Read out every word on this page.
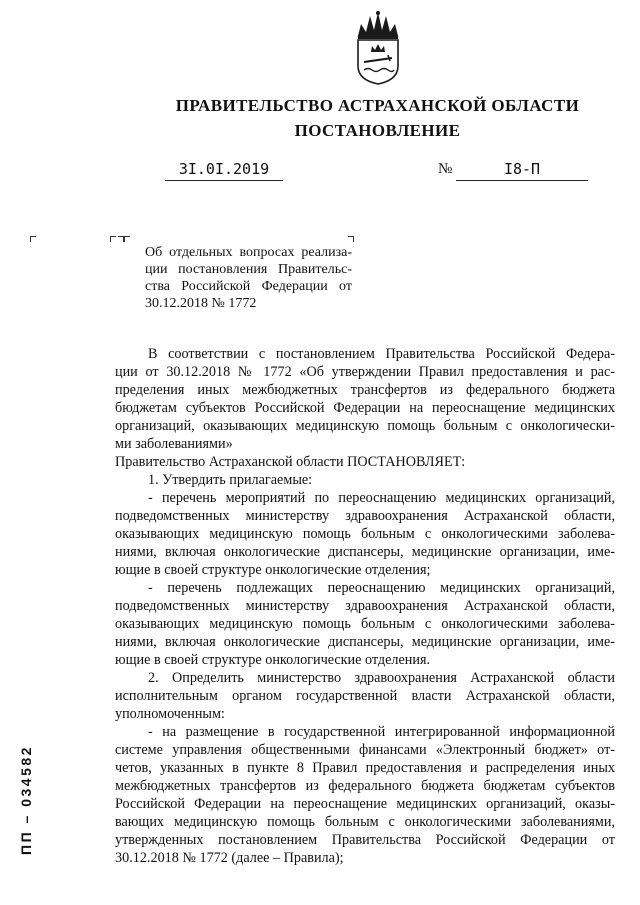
ПРАВИТЕЛЬСТВО АСТРАХАНСКОЙ ОБЛАСТИ
ПОСТАНОВЛЕНИЕ
3I.0I.2019	№	I8-П
Об отдельных вопросах реализа-
ции постановления Правительс-
ства Российской Федерации от
30.12.2018 № 1772
В соответствии с постановлением Правительства Российской Федера-
ции от 30.12.2018 № 1772 «Об утверждении Правил предоставления и рас-
пределения иных межбюджетных трансфертов из федерального бюджета
бюджетам субъектов Российской Федерации на переоснащение медицинских
организаций, оказывающих медицинскую помощь больным с онкологически-
ми заболеваниями»
Правительство Астраханской области ПОСТАНОВЛЯЕТ:
1. Утвердить прилагаемые:
- перечень мероприятий по переоснащению медицинских организаций,
подведомственных министерству здравоохранения Астраханской области,
оказывающих медицинскую помощь больным с онкологическими заболева-
ниями, включая онкологические диспансеры, медицинские организации, име-
ющие в своей структуре онкологические отделения;
- перечень подлежащих переоснащению медицинских организаций,
подведомственных министерству здравоохранения Астраханской области,
оказывающих медицинскую помощь больным с онкологическими заболева-
ниями, включая онкологические диспансеры, медицинские организации, име-
ющие в своей структуре онкологические отделения.
2. Определить министерство здравоохранения Астраханской области
исполнительным органом государственной власти Астраханской области,
уполномоченным:
- на размещение в государственной интегрированной информационной
системе управления общественными финансами «Электронный бюджет» от-
четов, указанных в пункте 8 Правил предоставления и распределения иных
межбюджетных трансфертов из федерального бюджета бюджетам субъектов
Российской Федерации на переоснащение медицинских организаций, оказы-
вающих медицинскую помощь больным с онкологическими заболеваниями,
утвержденных постановлением Правительства Российской Федерации от
30.12.2018 № 1772 (далее – Правила);
ПП – 034582
